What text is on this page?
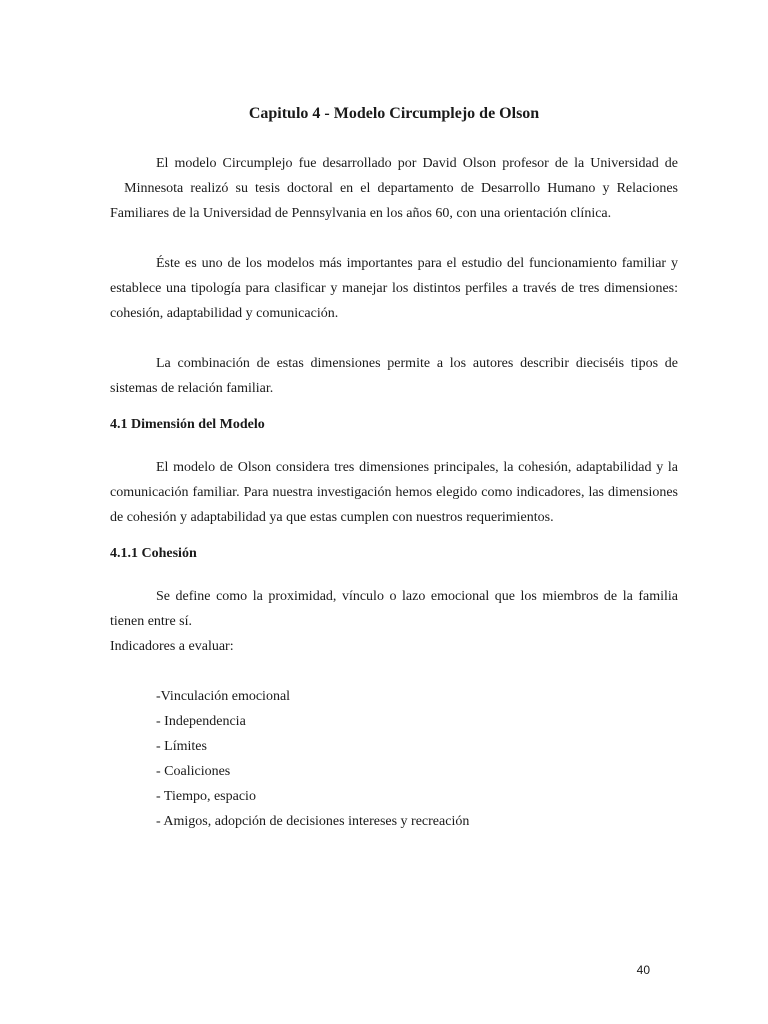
Capitulo 4 - Modelo Circumplejo de Olson

El modelo Circumplejo fue desarrollado por David Olson profesor de la Universidad de   Minnesota realizó su tesis doctoral en el departamento de Desarrollo Humano y Relaciones Familiares de la Universidad de Pennsylvania en los años 60, con una orientación clínica.

Éste es uno de los modelos más importantes para el estudio del funcionamiento familiar y establece una tipología para clasificar y manejar los distintos perfiles a través de tres dimensiones: cohesión, adaptabilidad y comunicación.

La combinación de estas dimensiones permite a los autores describir dieciséis tipos de sistemas de relación familiar.

4.1 Dimensión del Modelo

El modelo de Olson considera tres dimensiones principales, la cohesión, adaptabilidad y la comunicación familiar. Para nuestra investigación hemos elegido como indicadores, las dimensiones de cohesión y adaptabilidad ya que estas cumplen con nuestros requerimientos.

4.1.1 Cohesión

Se define como la proximidad, vínculo o lazo emocional que los miembros de la familia tienen entre sí.

Indicadores a evaluar:

-Vinculación emocional
- Independencia
- Límites
- Coaliciones
- Tiempo, espacio
- Amigos, adopción de decisiones intereses y recreación
40
